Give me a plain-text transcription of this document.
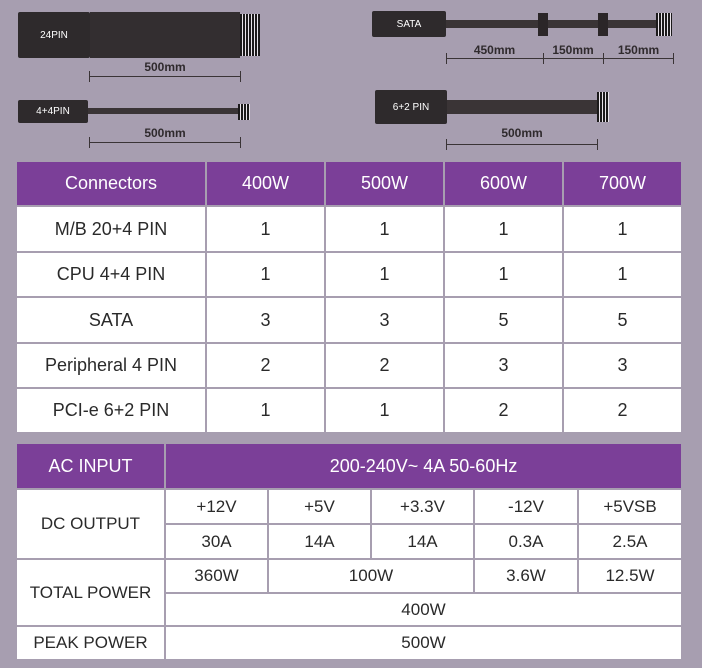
24PIN
500mm
4+4PIN
500mm
SATA
450mm	150mm	150mm
6+2 PIN
500mm
Connectors	400W	500W	600W	700W
M/B 20+4 PIN	1	1	1	1
CPU 4+4 PIN	1	1	1	1
SATA	3	3	5	5
Peripheral 4 PIN	2	2	3	3
PCI-e 6+2 PIN	1	1	2	2
AC INPUT	200-240V~ 4A 50-60Hz				
DC OUTPUT	+12V	+5V	+3.3V	-12V	+5VSB
	30A	14A	14A	0.3A	2.5A
TOTAL POWER	360W	100W		3.6W	12.5W
	400W				
PEAK POWER	500W				
